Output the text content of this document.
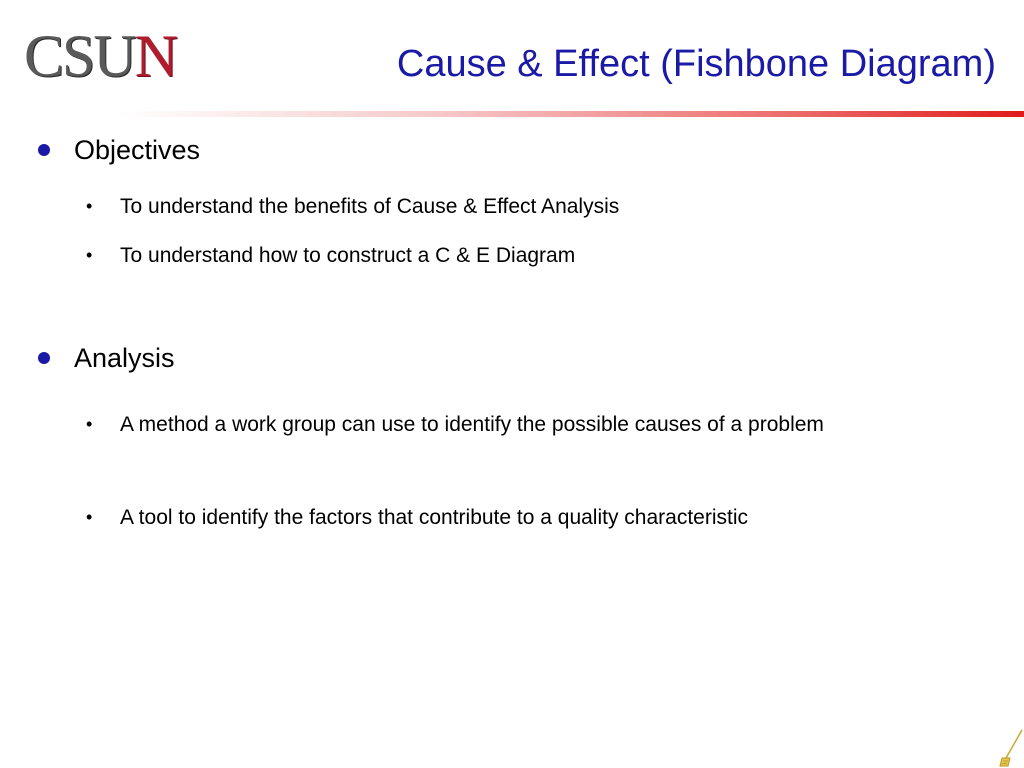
CSUN	Cause & Effect (Fishbone Diagram)
Objectives
• To understand the benefits of Cause & Effect Analysis
• To understand how to construct a C & E Diagram
Analysis
• A method a work group can use to identify the possible causes of a problem
• A tool to identify the factors that contribute to a quality characteristic
